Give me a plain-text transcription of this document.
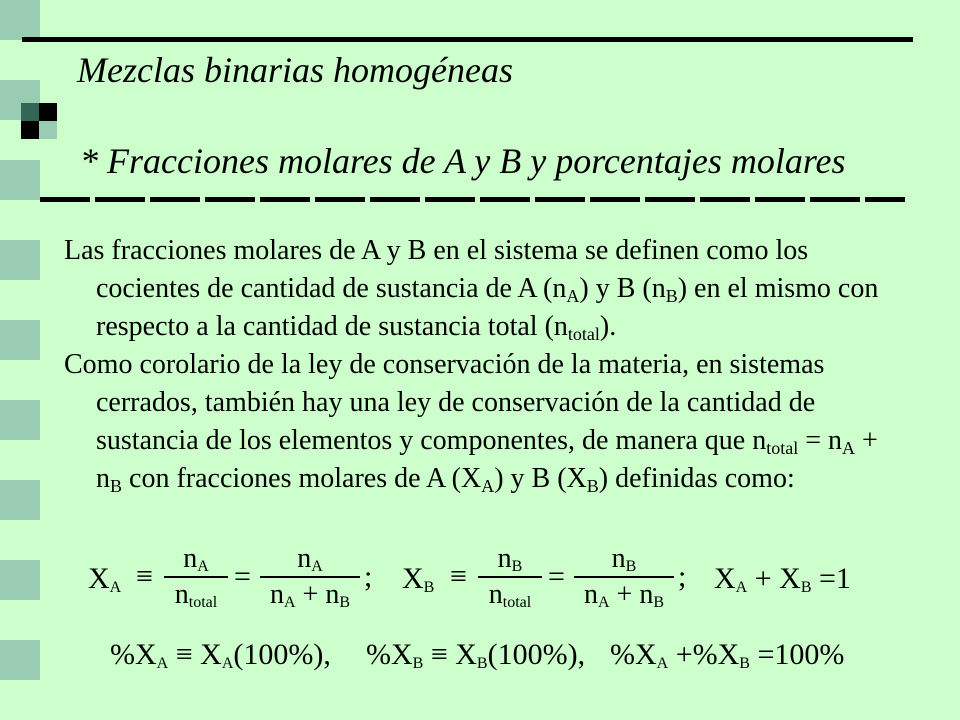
Mezclas binarias homogéneas
* Fracciones molares de A y B y porcentajes molares

Las fracciones molares de A y B en el sistema se definen como los cocientes de cantidad de sustancia de A $(n_A)$ y B $(n_B)$ en el mismo con respecto a la cantidad de sustancia total $(n_{total})$.

Como corolario de la ley de conservación de la materia, en sistemas cerrados, también hay una ley de conservación de la cantidad de sustancia de los elementos y componentes, de manera que $n_{total} = n_A + n_B$ con fracciones molares de A $(X_A)$ y B $(X_B)$ definidas como:

$X_A$ ≡
$n_A$
$n_{total}$
=
$n_A$
$n_A + n_B$
; $X_B$ ≡
$n_B$
$n_{total}$
=
$n_B$
$n_A + n_B$
; $X_A + X_B =1$
$\%X_A \equiv X_A(100\%)$, $\%X_B \equiv X_B(100\%)$, $\%X_A +\%X_B =100\%$
